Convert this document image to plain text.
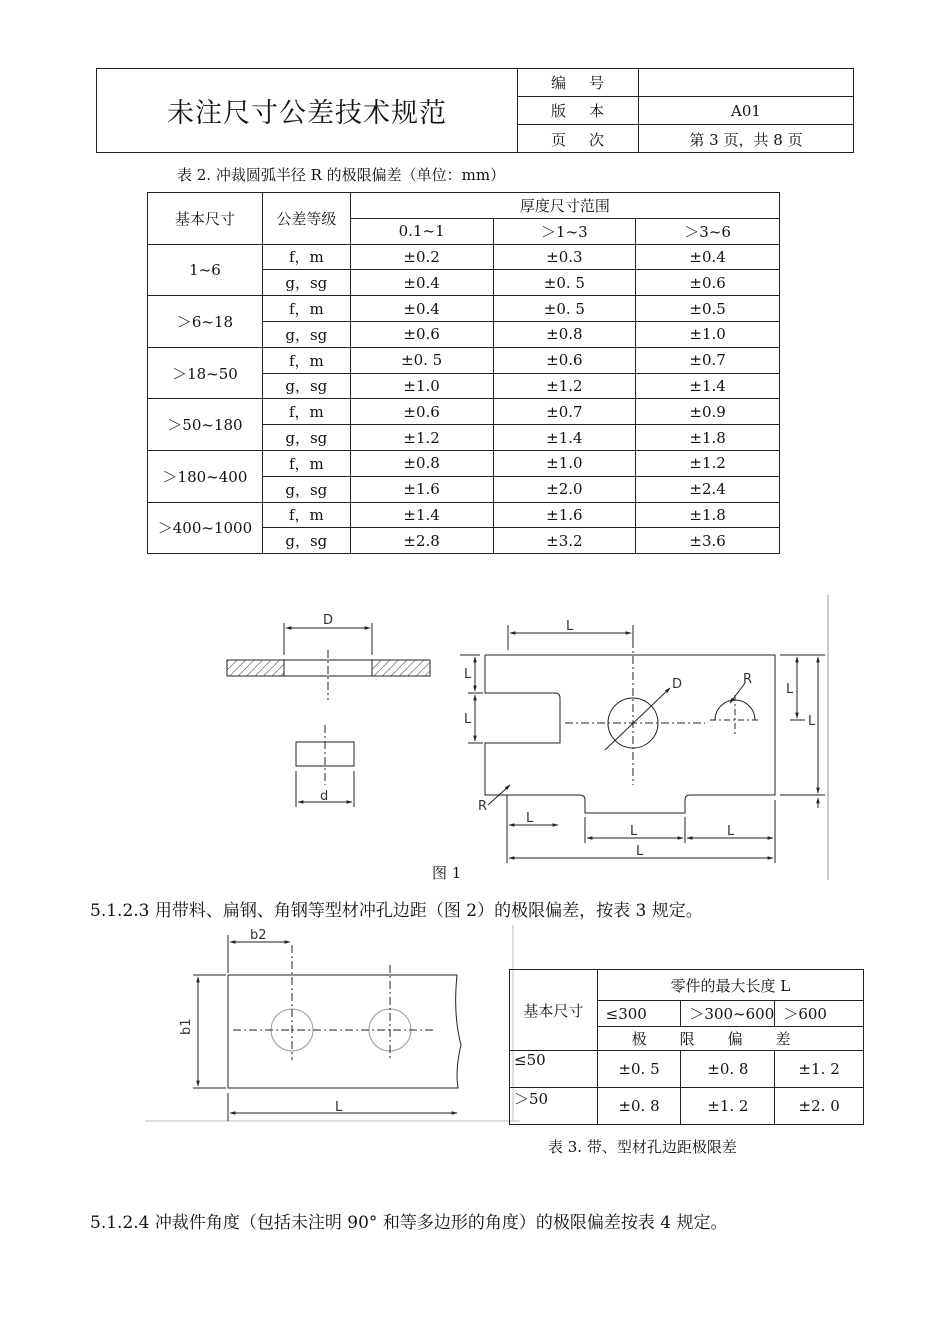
未注尺寸公差技术规范
编 号
版 本	A01
页 次	第 3 页，共 8 页
表 2. 冲裁圆弧半径 R 的极限偏差（单位：mm）
基本尺寸	公差等级	厚度尺寸范围		
		0.1~1	＞1~3	＞3~6
1~6	f，m	±0.2	±0.3	±0.4
	g，sg	±0.4	±0. 5	±0.6
＞6~18	f，m	±0.4	±0. 5	±0.5
	g，sg	±0.6	±0.8	±1.0
＞18~50	f，m	±0. 5	±0.6	±0.7
	g，sg	±1.0	±1.2	±1.4
＞50~180	f，m	±0.6	±0.7	±0.9
	g，sg	±1.2	±1.4	±1.8
＞180~400	f，m	±0.8	±1.0	±1.2
	g，sg	±1.6	±2.0	±2.4
＞400~1000	f，m	±1.4	±1.6	±1.8
	g，sg	±2.8	±3.2	±3.6
D
d
L
D	R
R
L
L	L
L
L
L
L
L
图 1
5.1.2.3 用带料、扁钢、角钢等型材冲孔边距（图 2）的极限偏差，按表 3 规定。
b2
b1
L
基本尺寸	零件的最大长度 L		
	≤300	＞300~600	＞600
	极　　限　　偏　　差		
≤50	±0. 5	±0. 8	±1. 2
＞50	±0. 8	±1. 2	±2. 0
表 3. 带、型材孔边距极限差
5.1.2.4 冲裁件角度（包括未注明 90° 和等多边形的角度）的极限偏差按表 4 规定。
